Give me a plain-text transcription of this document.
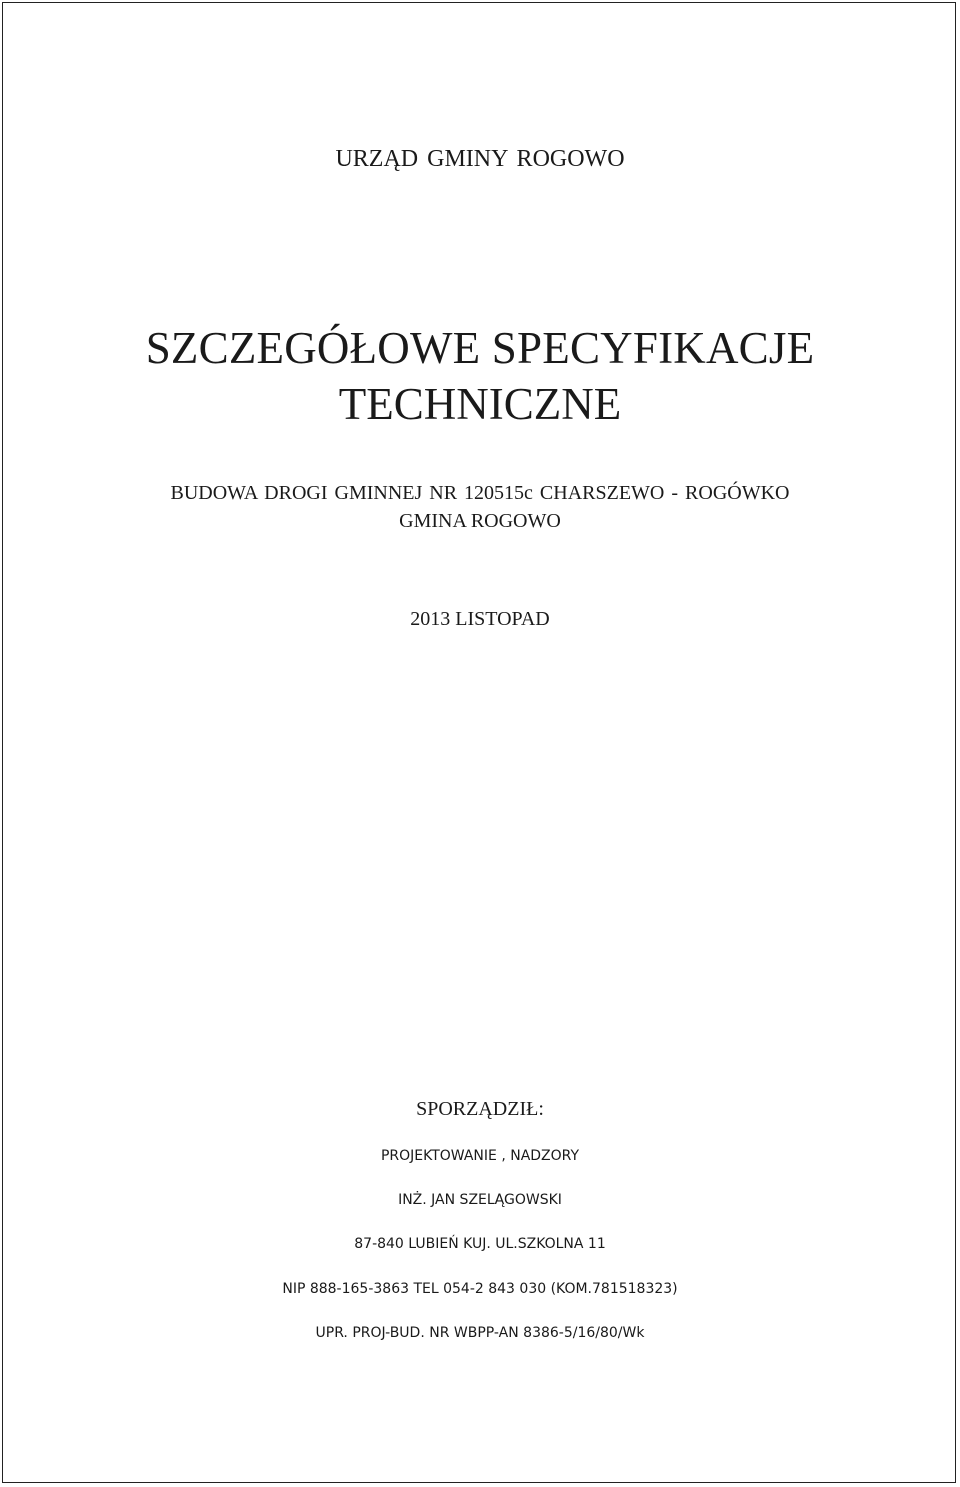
URZĄD GMINY ROGOWO
SZCZEGÓŁOWE SPECYFIKACJE
TECHNICZNE
BUDOWA DROGI GMINNEJ NR 120515c CHARSZEWO - ROGÓWKO
GMINA ROGOWO
2013 LISTOPAD
SPORZĄDZIŁ:
PROJEKTOWANIE , NADZORY
INŻ. JAN SZELĄGOWSKI
87-840 LUBIEŃ KUJ. UL.SZKOLNA 11
NIP 888-165-3863 TEL 054-2 843 030 (KOM.781518323)
UPR. PROJ-BUD. NR WBPP-AN 8386-5/16/80/Wk
